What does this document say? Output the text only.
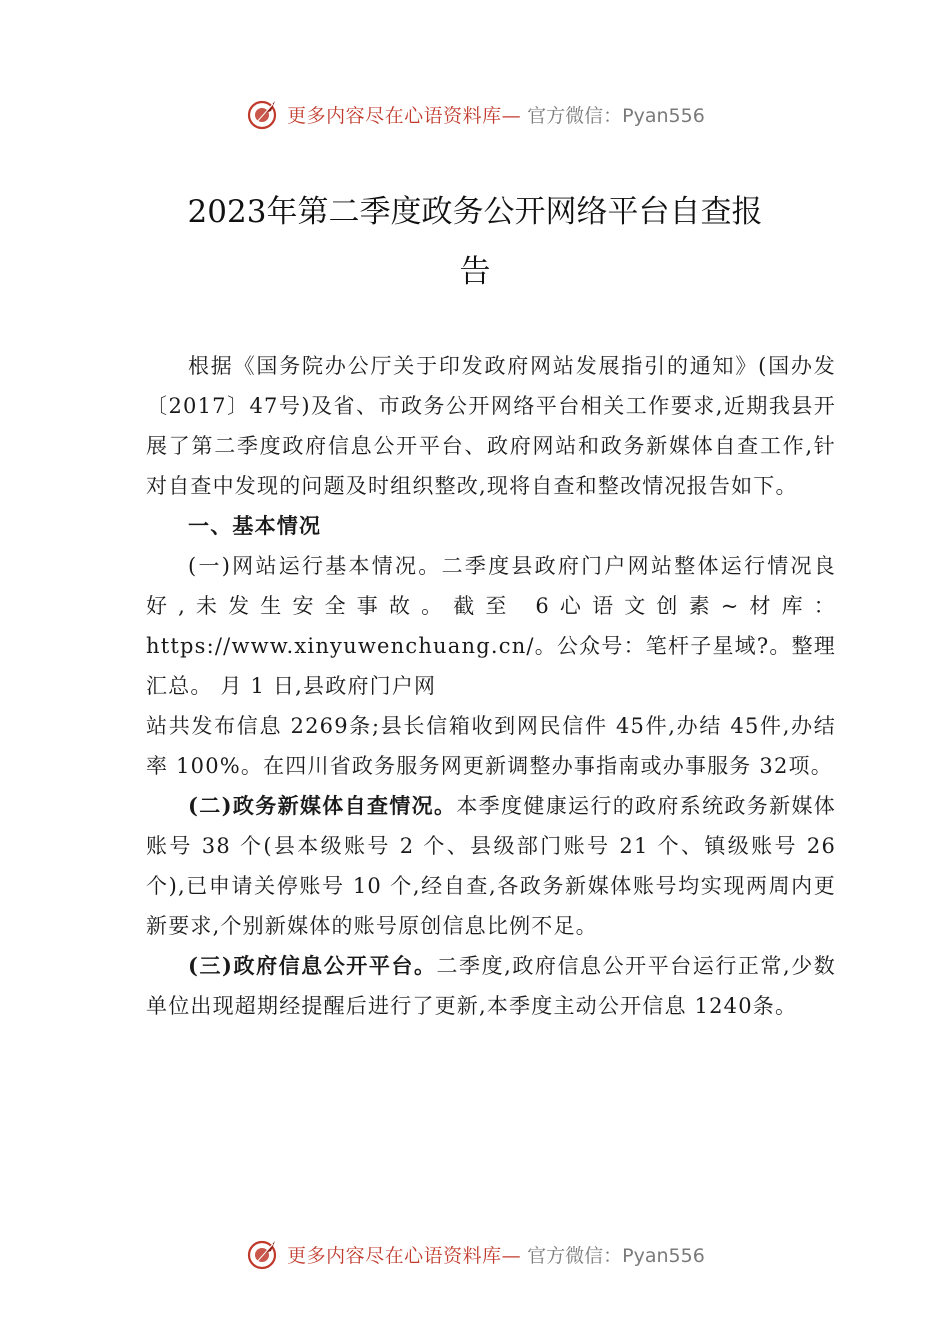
更多内容尽在心语资料库— 官方微信：Pyan556
2023年第二季度政务公开网络平台自查报
告

根据《国务院办公厅关于印发政府网站发展指引的通知》(国办发〔2017〕47号)及省、市政务公开网络平台相关工作要求,近期我县开展了第二季度政府信息公开平台、政府网站和政务新媒体自查工作,针对自查中发现的问题及时组织整改,现将自查和整改情况报告如下。

一、基本情况

(一)网站运行基本情况。二季度县政府门户网站整体运行情况良好,未发生安全事故。截至 6心语文创素~材库：https://www.xinyuwenchuang.cn/。公众号：笔杆子星域?。整理汇总。 月 1 日,县政府门户网

站共发布信息 2269条;县长信箱收到网民信件 45件,办结 45件,办结率 100%。在四川省政务服务网更新调整办事指南或办事服务 32项。

(二)政务新媒体自查情况。本季度健康运行的政府系统政务新媒体账号 38 个(县本级账号 2 个、县级部门账号 21 个、镇级账号 26 个),已申请关停账号 10 个,经自查,各政务新媒体账号均实现两周内更新要求,个别新媒体的账号原创信息比例不足。

(三)政府信息公开平台。二季度,政府信息公开平台运行正常,少数单位出现超期经提醒后进行了更新,本季度主动公开信息 1240条。

更多内容尽在心语资料库— 官方微信：Pyan556
